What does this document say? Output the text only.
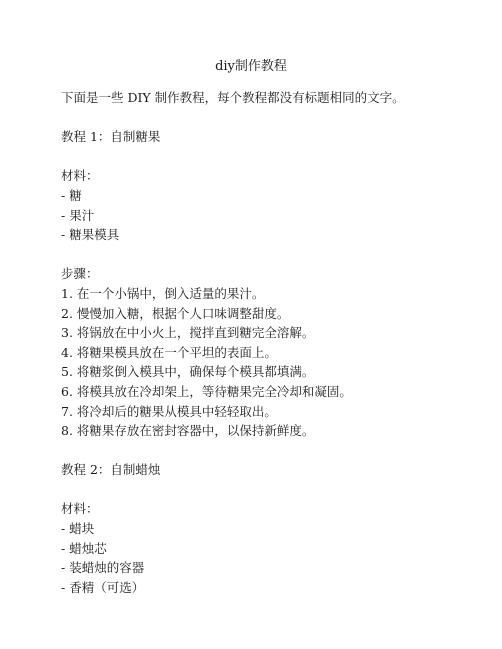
diy制作教程
下面是一些 DIY 制作教程，每个教程都没有标题相同的文字。
教程 1：自制糖果
材料：
- 糖
- 果汁
- 糖果模具
步骤：
1. 在一个小锅中，倒入适量的果汁。
2. 慢慢加入糖，根据个人口味调整甜度。
3. 将锅放在中小火上，搅拌直到糖完全溶解。
4. 将糖果模具放在一个平坦的表面上。
5. 将糖浆倒入模具中，确保每个模具都填满。
6. 将模具放在冷却架上，等待糖果完全冷却和凝固。
7. 将冷却后的糖果从模具中轻轻取出。
8. 将糖果存放在密封容器中，以保持新鲜度。
教程 2：自制蜡烛
材料：
- 蜡块
- 蜡烛芯
- 装蜡烛的容器
- 香精（可选）
